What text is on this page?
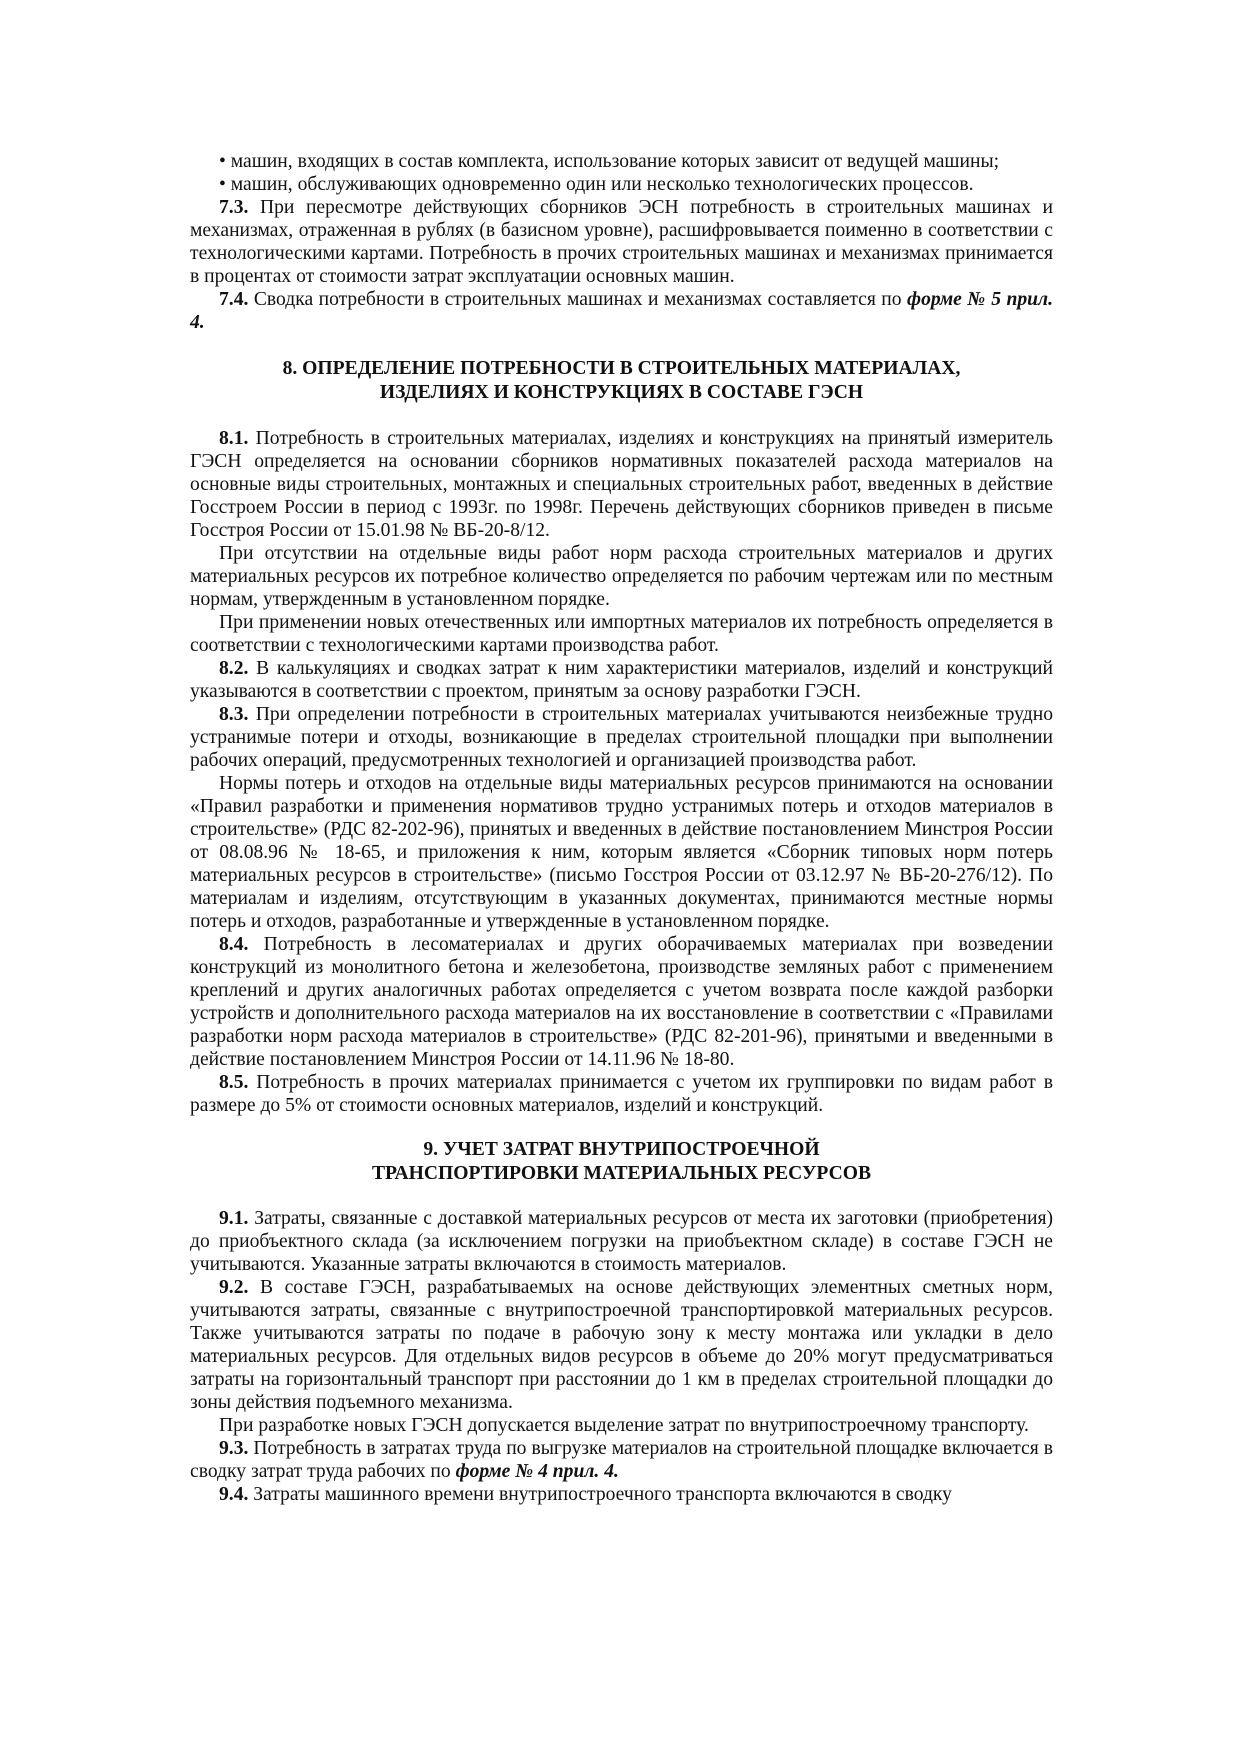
• машин, входящих в состав комплекта, использование которых зависит от ведущей машины;

• машин, обслуживающих одновременно один или несколько технологических процессов.

7.3. При пересмотре действующих сборников ЭСН потребность в строительных машинах и механизмах, отраженная в рублях (в базисном уровне), расшифровывается поименно в соответствии с технологическими картами. Потребность в прочих строительных машинах и механизмах принимается в процентах от стоимости затрат эксплуатации основных машин.

7.4. Сводка потребности в строительных машинах и механизмах составляется по форме № 5 прил. 4.

8. ОПРЕДЕЛЕНИЕ ПОТРЕБНОСТИ В СТРОИТЕЛЬНЫХ МАТЕРИАЛАХ,
ИЗДЕЛИЯХ И КОНСТРУКЦИЯХ В СОСТАВЕ ГЭСН

8.1. Потребность в строительных материалах, изделиях и конструкциях на принятый измеритель ГЭСН определяется на основании сборников нормативных показателей расхода материалов на основные виды строительных, монтажных и специальных строительных работ, введенных в действие Госстроем России в период с 1993г. по 1998г. Перечень действующих сборников приведен в письме Госстроя России от 15.01.98 № ВБ-20-8/12.

При отсутствии на отдельные виды работ норм расхода строительных материалов и других материальных ресурсов их потребное количество определяется по рабочим чертежам или по местным нормам, утвержденным в установленном порядке.

При применении новых отечественных или импортных материалов их потребность определяется в соответствии с технологическими картами производства работ.

8.2. В калькуляциях и сводках затрат к ним характеристики материалов, изделий и конструкций указываются в соответствии с проектом, принятым за основу разработки ГЭСН.

8.3. При определении потребности в строительных материалах учитываются неизбежные трудно устранимые потери и отходы, возникающие в пределах строительной площадки при выполнении рабочих операций, предусмотренных технологией и организацией производства работ.

Нормы потерь и отходов на отдельные виды материальных ресурсов принимаются на основании «Правил разработки и применения нормативов трудно устранимых потерь и отходов материалов в строительстве» (РДС 82-202-96), принятых и введенных в действие постановлением Минстроя России от 08.08.96 № 18-65, и приложения к ним, которым является «Сборник типовых норм потерь материальных ресурсов в строительстве» (письмо Госстроя России от 03.12.97 № ВБ-20-276/12). По материалам и изделиям, отсутствующим в указанных документах, принимаются местные нормы потерь и отходов, разработанные и утвержденные в установленном порядке.

8.4. Потребность в лесоматериалах и других оборачиваемых материалах при возведении конструкций из монолитного бетона и железобетона, производстве земляных работ с применением креплений и других аналогичных работах определяется с учетом возврата после каждой разборки устройств и дополнительного расхода материалов на их восстановление в соответствии с «Правилами разработки норм расхода материалов в строительстве» (РДС 82-201-96), принятыми и введенными в действие постановлением Минстроя России от 14.11.96 № 18-80.

8.5. Потребность в прочих материалах принимается с учетом их группировки по видам работ в размере до 5% от стоимости основных материалов, изделий и конструкций.

9. УЧЕТ ЗАТРАТ ВНУТРИПОСТРОЕЧНОЙ
ТРАНСПОРТИРОВКИ МАТЕРИАЛЬНЫХ РЕСУРСОВ

9.1. Затраты, связанные с доставкой материальных ресурсов от места их заготовки (приобретения) до приобъектного склада (за исключением погрузки на приобъектном складе) в составе ГЭСН не учитываются. Указанные затраты включаются в стоимость материалов.

9.2. В составе ГЭСН, разрабатываемых на основе действующих элементных сметных норм, учитываются затраты, связанные с внутрипостроечной транспортировкой материальных ресурсов. Также учитываются затраты по подаче в рабочую зону к месту монтажа или укладки в дело материальных ресурсов. Для отдельных видов ресурсов в объеме до 20% могут предусматриваться затраты на горизонтальный транспорт при расстоянии до 1 км в пределах строительной площадки до зоны действия подъемного механизма.

При разработке новых ГЭСН допускается выделение затрат по внутрипостроечному транспорту.

9.3. Потребность в затратах труда по выгрузке материалов на строительной площадке включается в сводку затрат труда рабочих по форме № 4 прил. 4.

9.4. Затраты машинного времени внутрипостроечного транспорта включаются в сводку
